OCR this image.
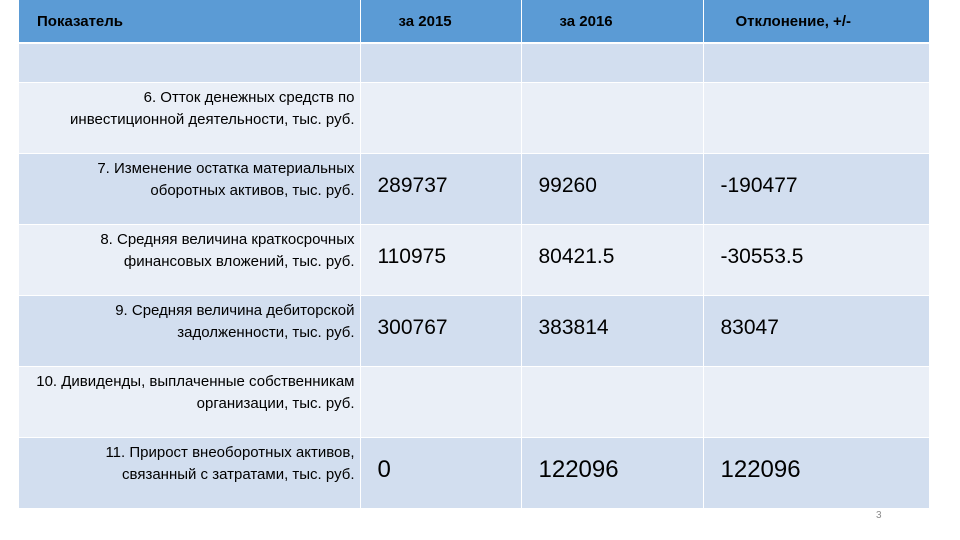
Показатель	за 2015	за 2016	Отклонение, +/-

6. Отток денежных средств по инвестиционной деятельности, тыс. руб.			
7. Изменение остатка материальных оборотных активов, тыс. руб.	289737	99260	-190477
8. Средняя величина краткосрочных финансовых вложений, тыс. руб.	110975	80421.5	-30553.5
9. Средняя величина дебиторской задолженности, тыс. руб.	300767	383814	83047
10. Дивиденды, выплаченные собственникам организации, тыс. руб.			
11. Прирост внеоборотных активов, связанный с затратами, тыс. руб.	0	122096	122096
3
